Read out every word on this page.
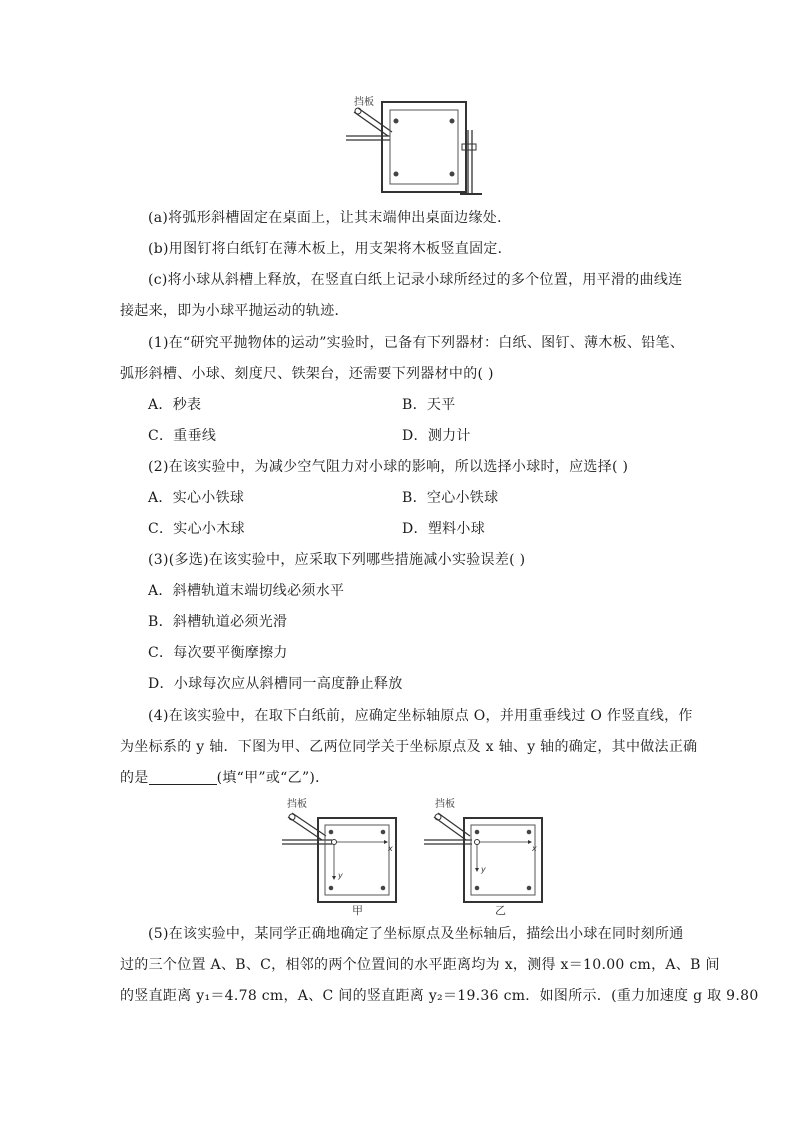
挡板
(a)将弧形斜槽固定在桌面上，让其末端伸出桌面边缘处．
(b)用图钉将白纸钉在薄木板上，用支架将木板竖直固定．
(c)将小球从斜槽上释放，在竖直白纸上记录小球所经过的多个位置，用平滑的曲线连
接起来，即为小球平抛运动的轨迹．
(1)在“研究平抛物体的运动”实验时，已备有下列器材：白纸、图钉、薄木板、铅笔、
弧形斜槽、小球、刻度尺、铁架台，还需要下列器材中的( )
A．秒表	B．天平
C．重垂线	D．测力计
(2)在该实验中，为减少空气阻力对小球的影响，所以选择小球时，应选择( )
A．实心小铁球	B．空心小铁球
C．实心小木球	D．塑料小球
(3)(多选)在该实验中，应采取下列哪些措施减小实验误差( )
A．斜槽轨道末端切线必须水平
B．斜槽轨道必须光滑
C．每次要平衡摩擦力
D．小球每次应从斜槽同一高度静止释放
(4)在该实验中，在取下白纸前，应确定坐标轴原点 O，并用重垂线过 O 作竖直线，作
为坐标系的 y 轴．下图为甲、乙两位同学关于坐标原点及 x 轴、y 轴的确定，其中做法正确
的是	(填“甲”或“乙”)．
挡板
x
y
甲
挡板
x
y
乙
(5)在该实验中，某同学正确地确定了坐标原点及坐标轴后，描绘出小球在同时刻所通
过的三个位置 A、B、C，相邻的两个位置间的水平距离均为 x，测得 x＝10.00 cm，A、B 间
的竖直距离 y₁＝4.78 cm，A、C 间的竖直距离 y₂＝19.36 cm．如图所示．(重力加速度 g 取 9.80
